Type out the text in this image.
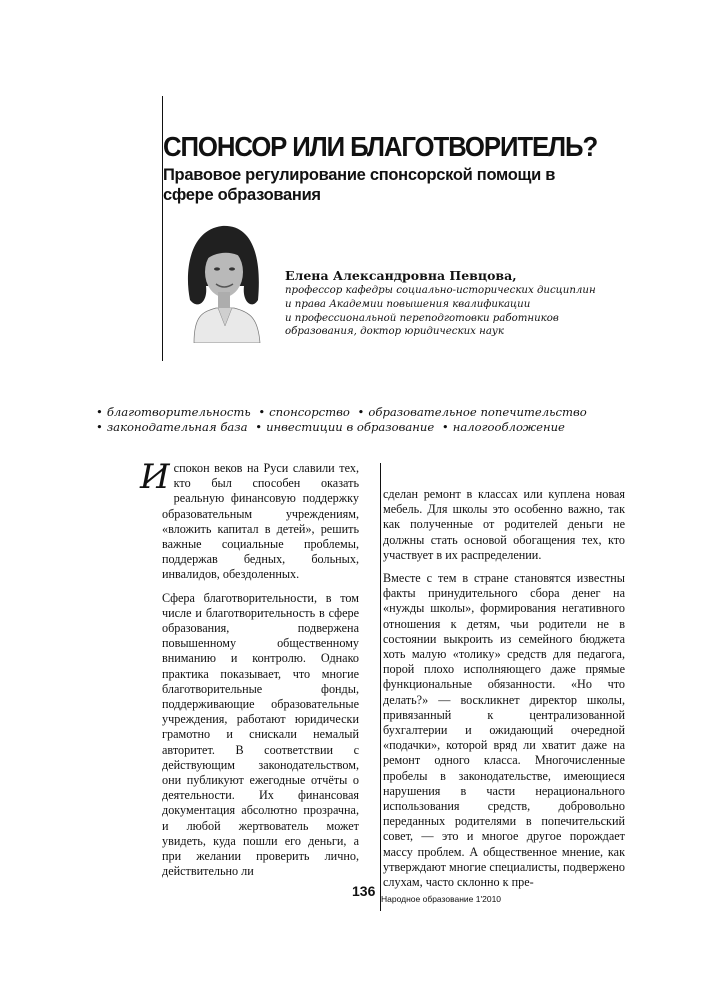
СПОНСОР ИЛИ БЛАГОТВОРИТЕЛЬ?
Правовое регулирование спонсорской помощи в сфере образования
Елена Александровна Певцова,
профессор кафедры социально-исторических дисциплин
и права Академии повышения квалификации
и профессиональной переподготовки работников
образования, доктор юридических наук
• благотворительность • спонсорство • образовательное попечительство
• законодательная база • инвестиции в образование • налогообложение

Испокон веков на Руси славили тех, кто был способен оказать реальную финансовую поддержку образовательным учреждениям, «вложить капитал в детей», решить важные социальные проблемы, поддержав бедных, больных, инвалидов, обездоленных.

Сфера благотворительности, в том числе и благотворительность в сфере образования, подвержена повышенному общественному вниманию и контролю. Однако практика показывает, что многие благотворительные фонды, поддерживающие образовательные учреждения, работают юридически грамотно и снискали немалый авторитет. В соответствии с действующим законодательством, они публикуют ежегодные отчёты о деятельности. Их финансовая документация абсолютно прозрачна, и любой жертвователь может увидеть, куда пошли его деньги, а при желании проверить лично, действительно ли

сделан ремонт в классах или куплена новая мебель. Для школы это особенно важно, так как полученные от родителей деньги не должны стать основой обогащения тех, кто участвует в их распределении.

Вместе с тем в стране становятся известны факты принудительного сбора денег на «нужды школы», формирования негативного отношения к детям, чьи родители не в состоянии выкроить из семейного бюджета хоть малую «толику» средств для педагога, порой плохо исполняющего даже прямые функциональные обязанности. «Но что делать?» — воскликнет директор школы, привязанный к централизованной бухгалтерии и ожидающий очередной «подачки», которой вряд ли хватит даже на ремонт одного класса. Многочисленные пробелы в законодательстве, имеющиеся нарушения в части нерационального использования средств, добровольно переданных родителями в попечительский совет, — это и многое другое порождает массу проблем. А общественное мнение, как утверждают многие специалисты, подвержено слухам, часто склонно к пре-

136 Народное образование 1'2010
